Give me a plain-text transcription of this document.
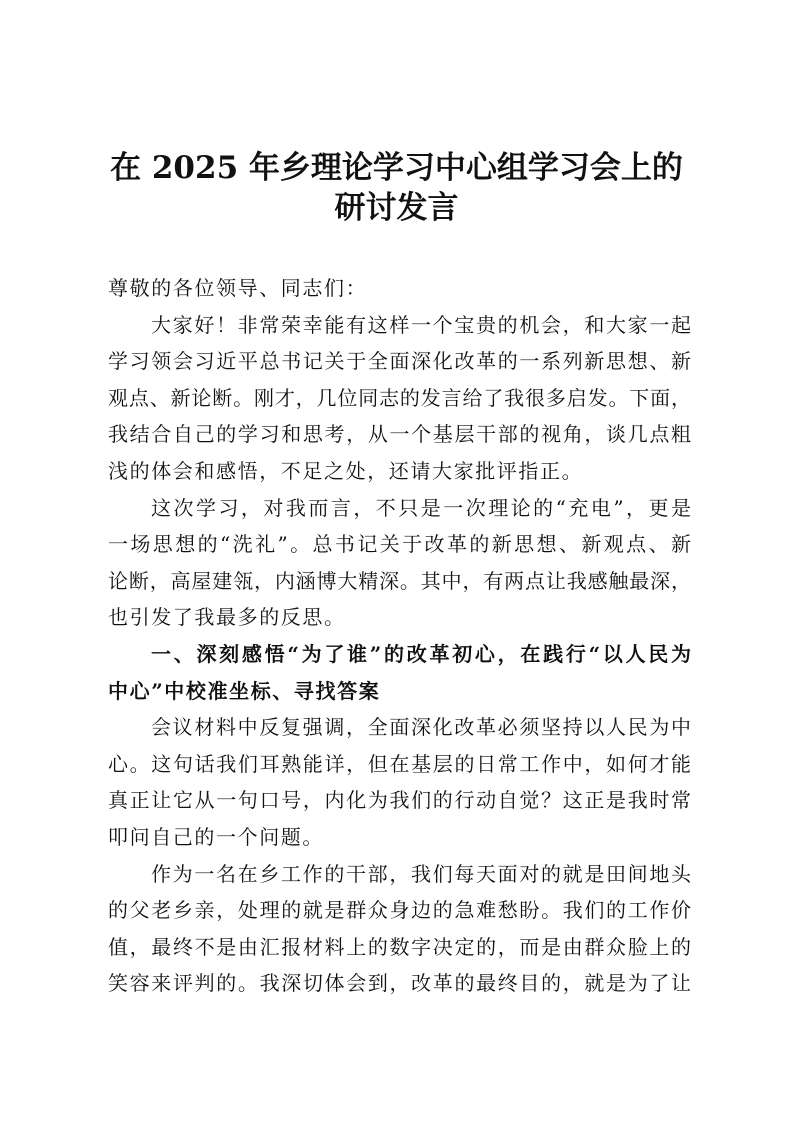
在 2025 年乡理论学习中心组学习会上的
研讨发言
尊敬的各位领导、同志们：
大家好！非常荣幸能有这样一个宝贵的机会，和大家一起
学习领会习近平总书记关于全面深化改革的一系列新思想、新
观点、新论断。刚才，几位同志的发言给了我很多启发。下面，
我结合自己的学习和思考，从一个基层干部的视角，谈几点粗
浅的体会和感悟，不足之处，还请大家批评指正。
这次学习，对我而言，不只是一次理论的“充电”，更是
一场思想的“洗礼”。总书记关于改革的新思想、新观点、新
论断，高屋建瓴，内涵博大精深。其中，有两点让我感触最深，
也引发了我最多的反思。
一、深刻感悟“为了谁”的改革初心，在践行“以人民为
中心”中校准坐标、寻找答案
会议材料中反复强调，全面深化改革必须坚持以人民为中
心。这句话我们耳熟能详，但在基层的日常工作中，如何才能
真正让它从一句口号，内化为我们的行动自觉？这正是我时常
叩问自己的一个问题。
作为一名在乡工作的干部，我们每天面对的就是田间地头
的父老乡亲，处理的就是群众身边的急难愁盼。我们的工作价
值，最终不是由汇报材料上的数字决定的，而是由群众脸上的
笑容来评判的。我深切体会到，改革的最终目的，就是为了让
